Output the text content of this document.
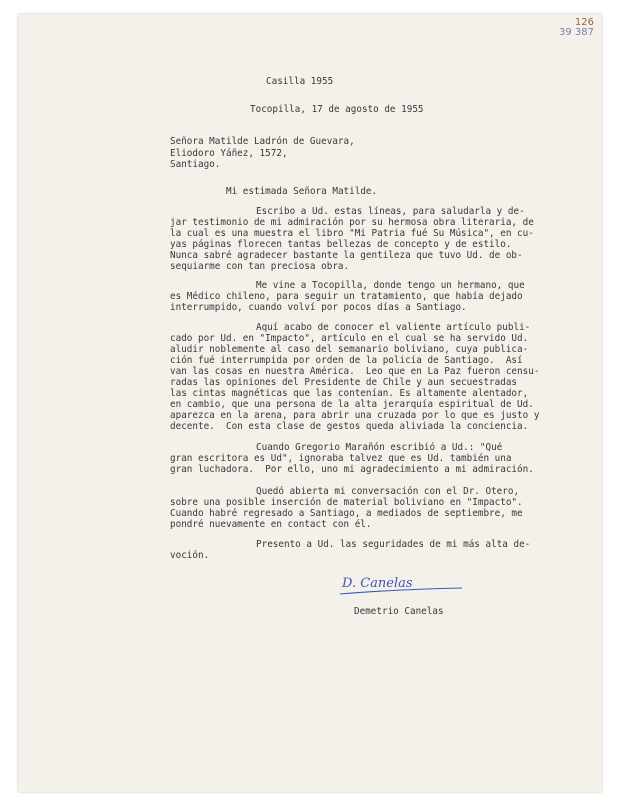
126
39 387
Casilla 1955
Tocopilla, 17 de agosto de 1955
Señora Matilde Ladrón de Guevara,
Eliodoro Yáñez, 1572,
Santiago.
Mi estimada Señora Matilde.
Escribo a Ud. estas líneas, para saludarla y de-
jar testimonio de mi admiración por su hermosa obra literaria, de
la cual es una muestra el libro "Mi Patria fué Su Música", en cu-
yas páginas florecen tantas bellezas de concepto y de estilo.
Nunca sabré agradecer bastante la gentileza que tuvo Ud. de ob-
sequiarme con tan preciosa obra.
Me vine a Tocopilla, donde tengo un hermano, que
es Médico chileno, para seguir un tratamiento, que había dejado
interrumpido, cuando volví por pocos días a Santiago.
Aquí acabo de conocer el valiente artículo publi-
cado por Ud. en "Impacto", artículo en el cual se ha servido Ud.
aludir noblemente al caso del semanario boliviano, cuya publica-
ción fué interrumpida por orden de la policía de Santiago.  Así
van las cosas en nuestra América.  Leo que en La Paz fueron censu-
radas las opiniones del Presidente de Chile y aun secuestradas
las cintas magnéticas que las contenían. Es altamente alentador,
en cambio, que una persona de la alta jerarquía espiritual de Ud.
aparezca en la arena, para abrir una cruzada por lo que es justo y
decente.  Con esta clase de gestos queda aliviada la conciencia.
Cuando Gregorio Marañón escribió a Ud.: "Qué
gran escritora es Ud", ignoraba talvez que es Ud. también una
gran luchadora.  Por ello, uno mi agradecimiento a mi admiración.
Quedó abierta mi conversación con el Dr. Otero,
sobre una posible inserción de material boliviano en "Impacto".
Cuando habré regresado a Santiago, a mediados de septiembre, me
pondré nuevamente en contact con él.
Presento a Ud. las seguridades de mi más alta de-
voción.
D. Canelas
Demetrio Canelas
